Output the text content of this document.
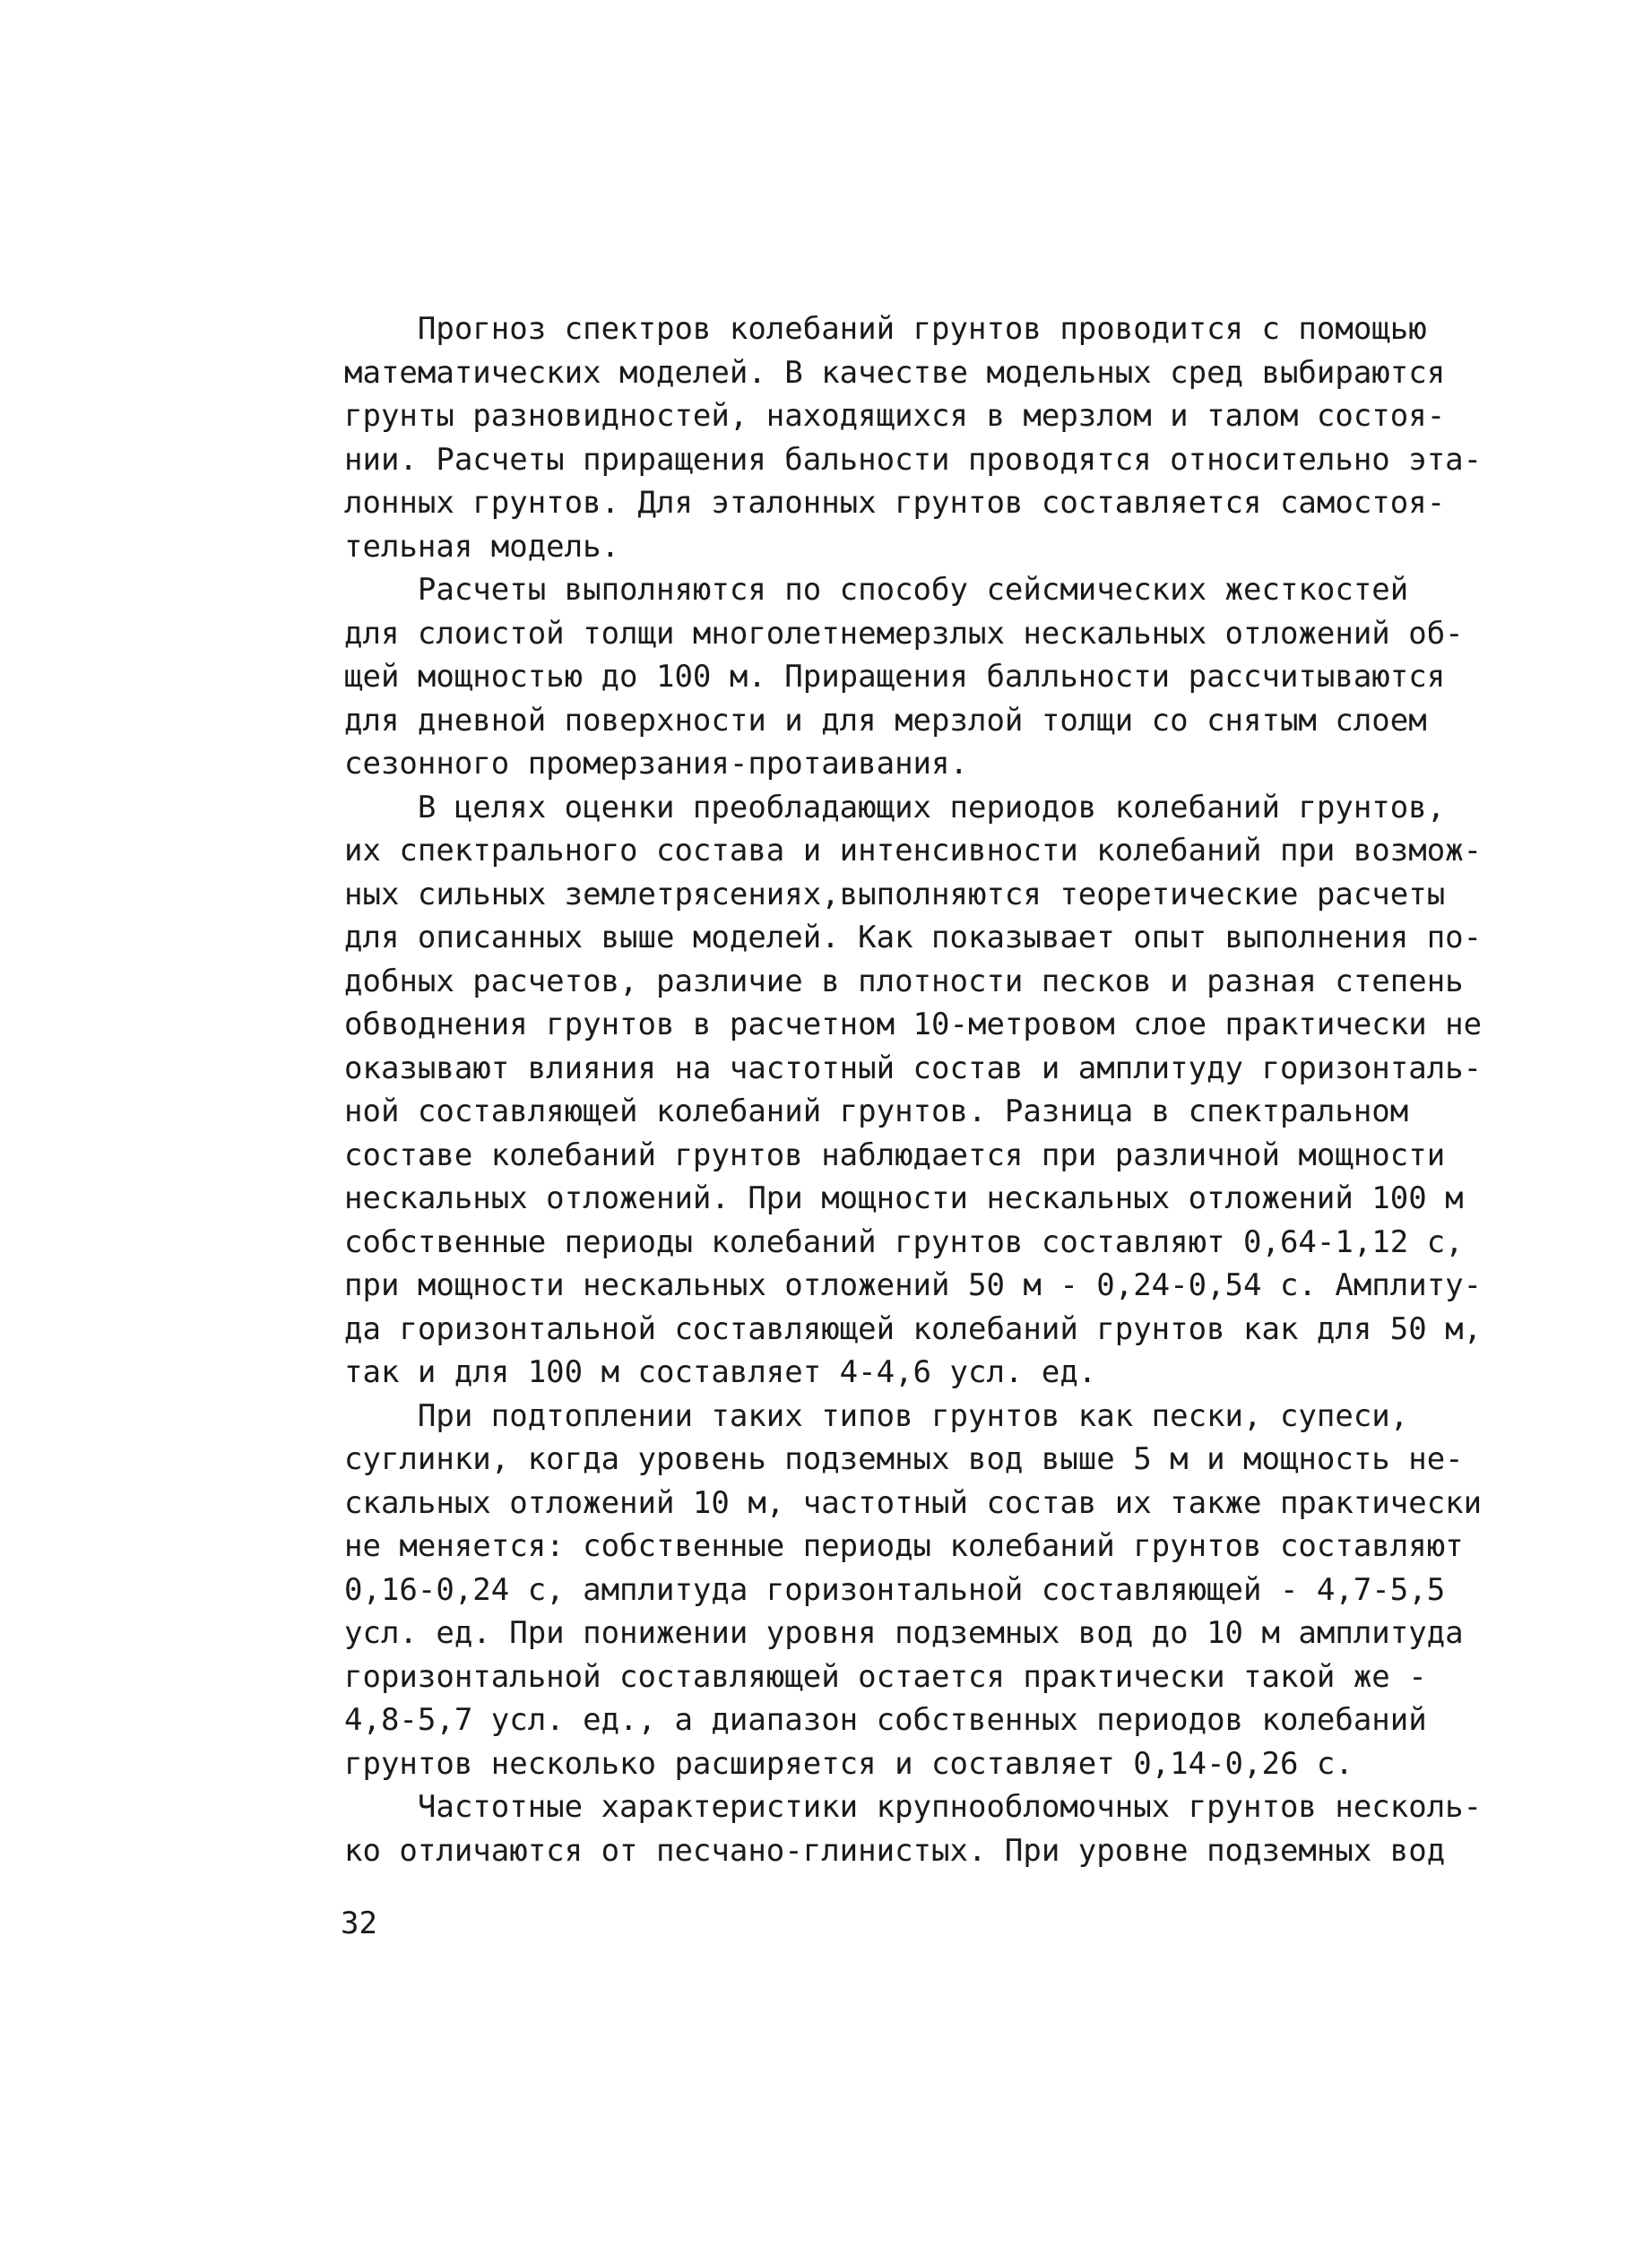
Прогноз спектров колебаний грунтов проводится с помощью
математических моделей. В качестве модельных сред выбираются
грунты разновидностей, находящихся в мерзлом и талом состоя-
нии. Расчеты приращения бальности проводятся относительно эта-
лонных грунтов. Для эталонных грунтов составляется самостоя-
тельная модель.
Расчеты выполняются по способу сейсмических жесткостей
для слоистой толщи многолетнемерзлых нескальных отложений об-
щей мощностью до 100 м. Приращения балльности рассчитываются
для дневной поверхности и для мерзлой толщи со снятым слоем
сезонного промерзания-протаивания.
В целях оценки преобладающих периодов колебаний грунтов,
их спектрального состава и интенсивности колебаний при возмож-
ных сильных землетрясениях,выполняются теоретические расчеты
для описанных выше моделей. Как показывает опыт выполнения по-
добных расчетов, различие в плотности песков и разная степень
обводнения грунтов в расчетном 10-метровом слое практически не
оказывают влияния на частотный состав и амплитуду горизонталь-
ной составляющей колебаний грунтов. Разница в спектральном
составе колебаний грунтов наблюдается при различной мощности
нескальных отложений. При мощности нескальных отложений 100 м
собственные периоды колебаний грунтов составляют 0,64-1,12 с,
при мощности нескальных отложений 50 м - 0,24-0,54 с. Амплиту-
да горизонтальной составляющей колебаний грунтов как для 50 м,
так и для 100 м составляет 4-4,6 усл. ед.
При подтоплении таких типов грунтов как пески, супеси,
суглинки, когда уровень подземных вод выше 5 м и мощность не-
скальных отложений 10 м, частотный состав их также практически
не меняется: собственные периоды колебаний грунтов составляют
0,16-0,24 с, амплитуда горизонтальной составляющей - 4,7-5,5
усл. ед. При понижении уровня подземных вод до 10 м амплитуда
горизонтальной составляющей остается практически такой же -
4,8-5,7 усл. ед., а диапазон собственных периодов колебаний
грунтов несколько расширяется и составляет 0,14-0,26 с.
Частотные характеристики крупнообломочных грунтов несколь-
ко отличаются от песчано-глинистых. При уровне подземных вод
32
